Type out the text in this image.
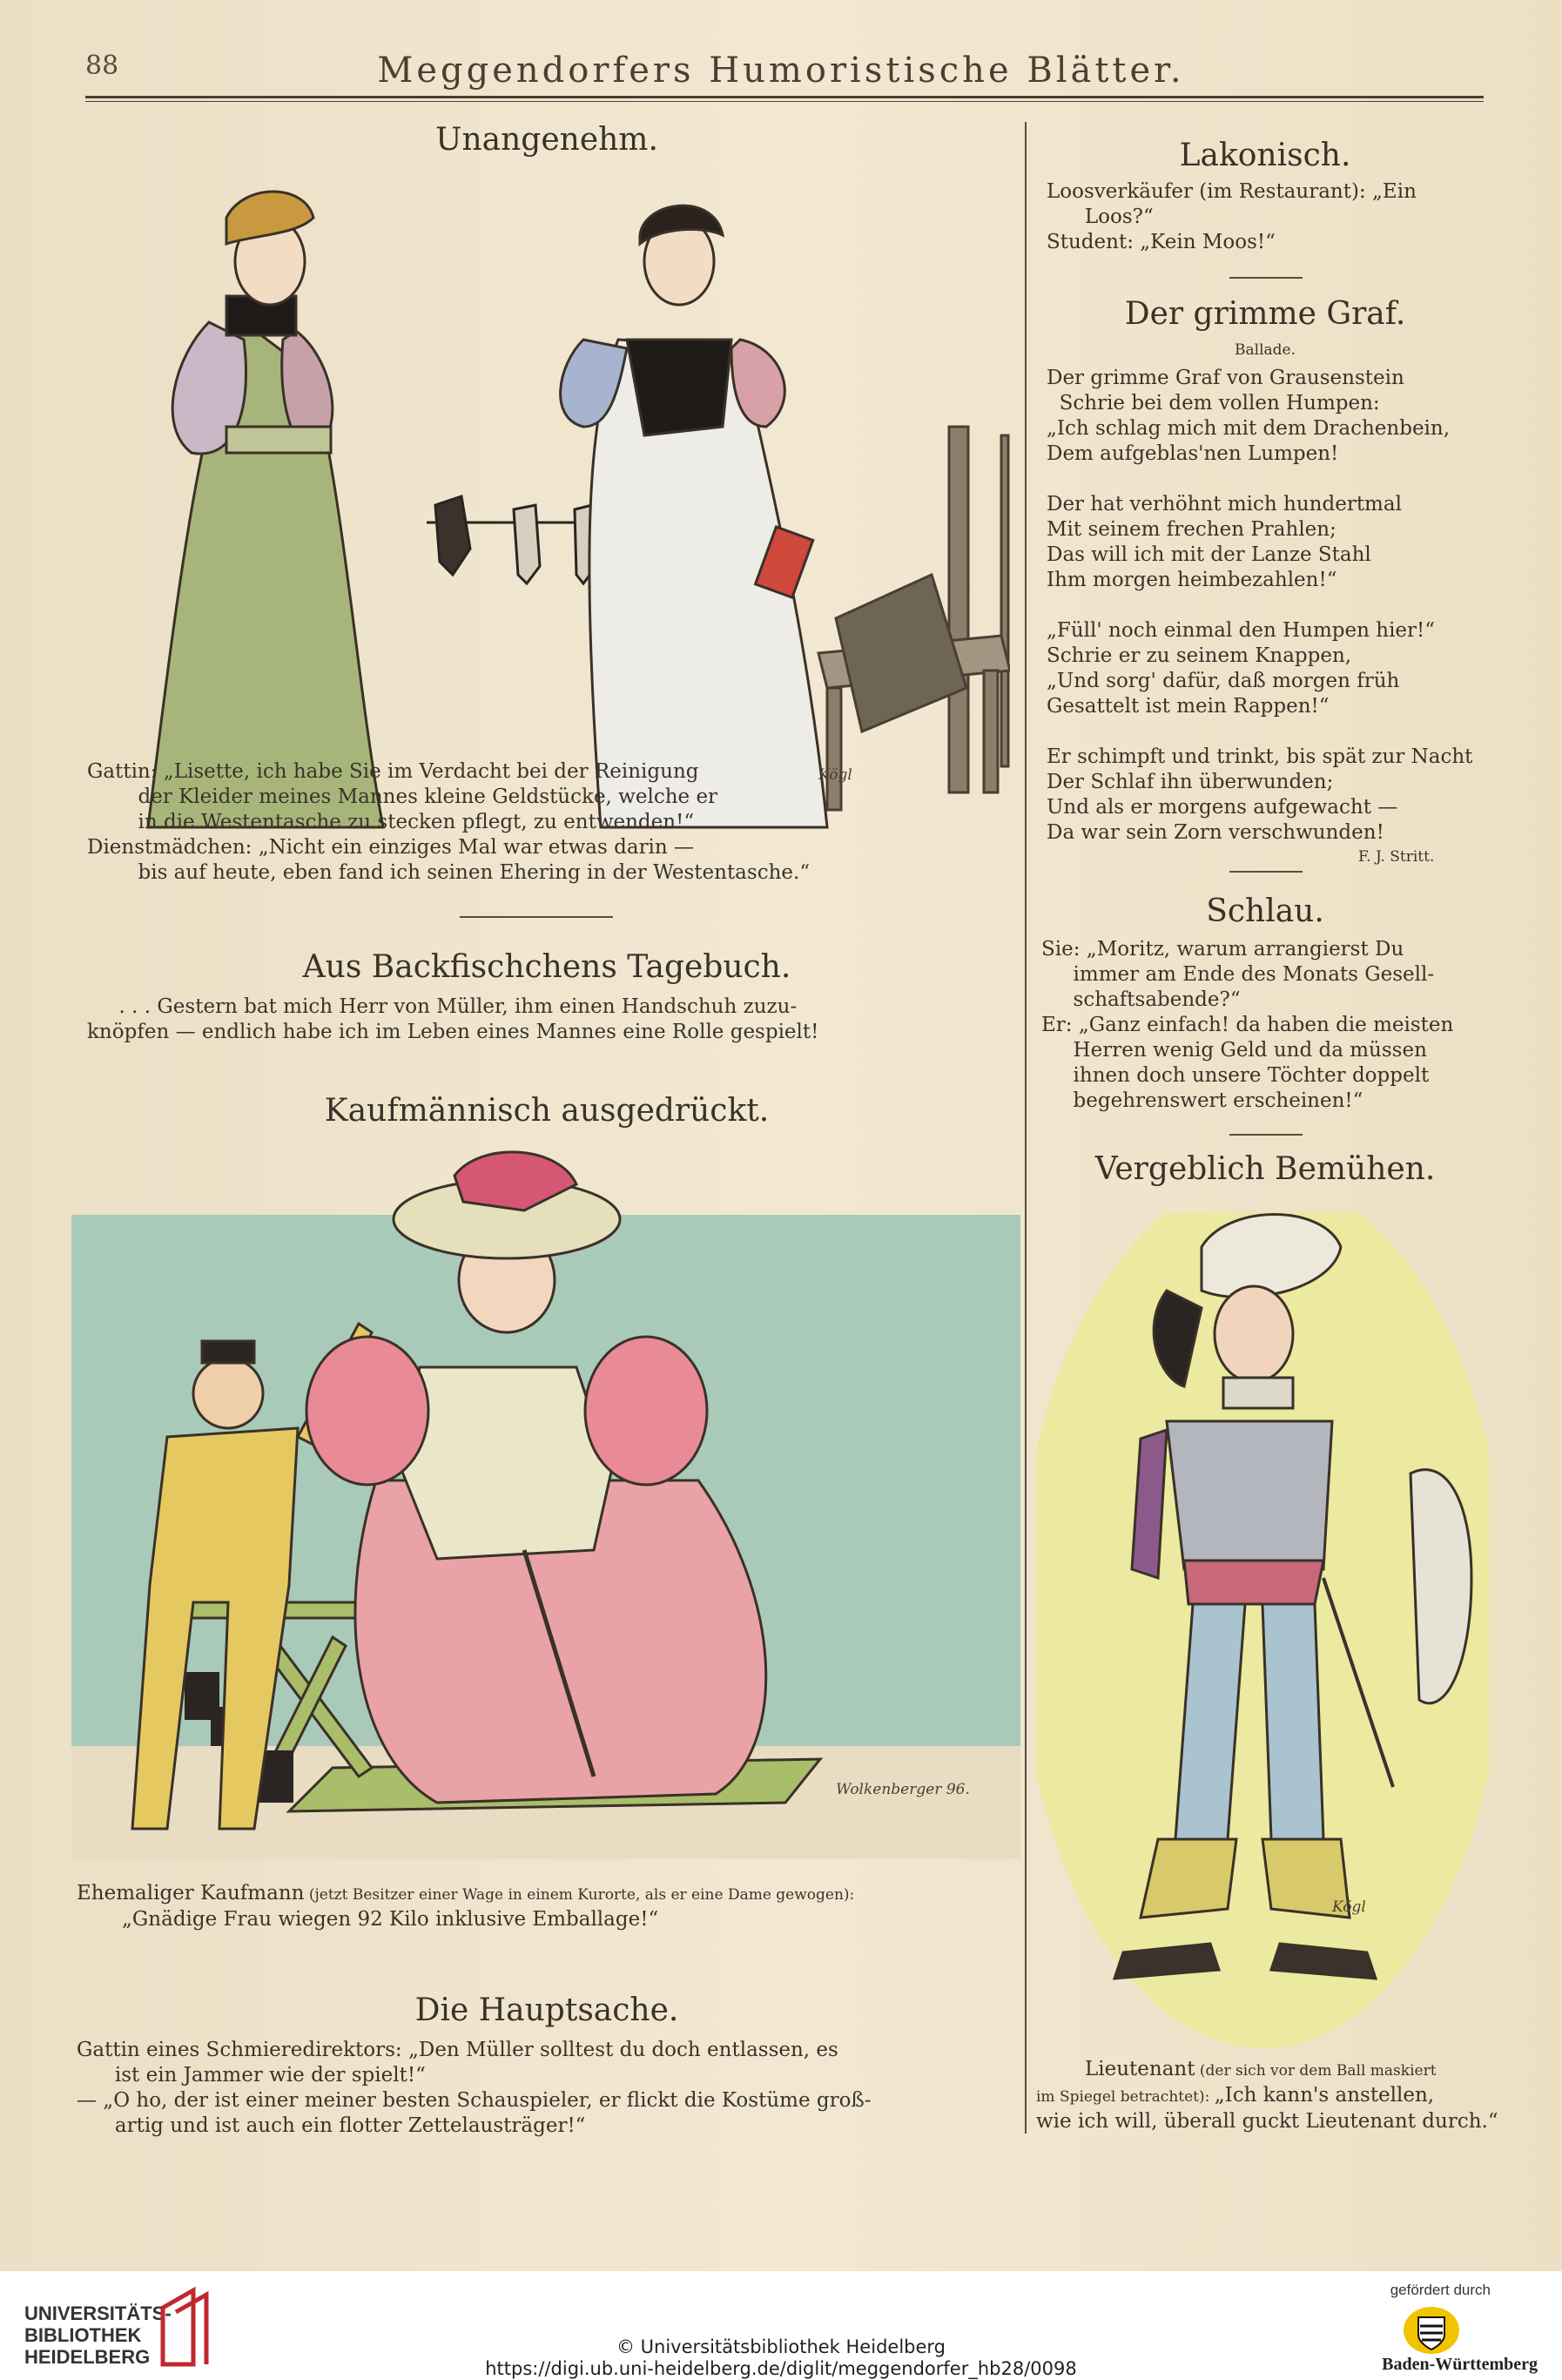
88	Meggendorfers Humoristische Blätter.
Unangenehm.
Kögl
Gattin: „Lisette, ich habe Sie im Verdacht bei der Reinigung
der Kleider meines Mannes kleine Geldstücke, welche er
in die Westentasche zu stecken pflegt, zu entwenden!“
Dienstmädchen: „Nicht ein einziges Mal war etwas darin —
bis auf heute, eben fand ich seinen Ehering in der Westentasche.“
Aus Backfischchens Tagebuch.
. . . Gestern bat mich Herr von Müller, ihm einen Handschuh zuzu-
knöpfen — endlich habe ich im Leben eines Mannes eine Rolle gespielt!
Kaufmännisch ausgedrückt.
Wolkenberger 96.
Ehemaliger Kaufmann (jetzt Besitzer einer Wage in einem Kurorte, als er eine Dame gewogen):
„Gnädige Frau wiegen 92 Kilo inklusive Emballage!“
Die Hauptsache.
Gattin eines Schmieredirektors: „Den Müller solltest du doch entlassen, es
ist ein Jammer wie der spielt!“
— „O ho, der ist einer meiner besten Schauspieler, er flickt die Kostüme groß-
artig und ist auch ein flotter Zettelausträger!“
Lakonisch.
Loosverkäufer (im Restaurant): „Ein
Loos?“
Student: „Kein Moos!“
Der grimme Graf.
Ballade.
Der grimme Graf von Grausenstein
Schrie bei dem vollen Humpen:
„Ich schlag mich mit dem Drachenbein,
Dem aufgeblas'nen Lumpen!

Der hat verhöhnt mich hundertmal
Mit seinem frechen Prahlen;
Das will ich mit der Lanze Stahl
Ihm morgen heimbezahlen!“

„Füll' noch einmal den Humpen hier!“
Schrie er zu seinem Knappen,
„Und sorg' dafür, daß morgen früh
Gesattelt ist mein Rappen!“

Er schimpft und trinkt, bis spät zur Nacht
Der Schlaf ihn überwunden;
Und als er morgens aufgewacht —
Da war sein Zorn verschwunden!
F. J. Stritt.
Schlau.
Sie: „Moritz, warum arrangierst Du
immer am Ende des Monats Gesell-
schaftsabende?“
Er: „Ganz einfach! da haben die meisten
Herren wenig Geld und da müssen
ihnen doch unsere Töchter doppelt
begehrenswert erscheinen!“
Vergeblich Bemühen.
Kögl
Lieutenant (der sich vor dem Ball maskiert
im Spiegel betrachtet): „Ich kann's anstellen,
wie ich will, überall guckt Lieutenant durch.“
UNIVERSITÄTS-
BIBLIOTHEK
HEIDELBERG	© Universitätsbibliothek Heidelberg
https://digi.ub.uni-heidelberg.de/diglit/meggendorfer_hb28/0098
gefördert durch
Baden-Württemberg
